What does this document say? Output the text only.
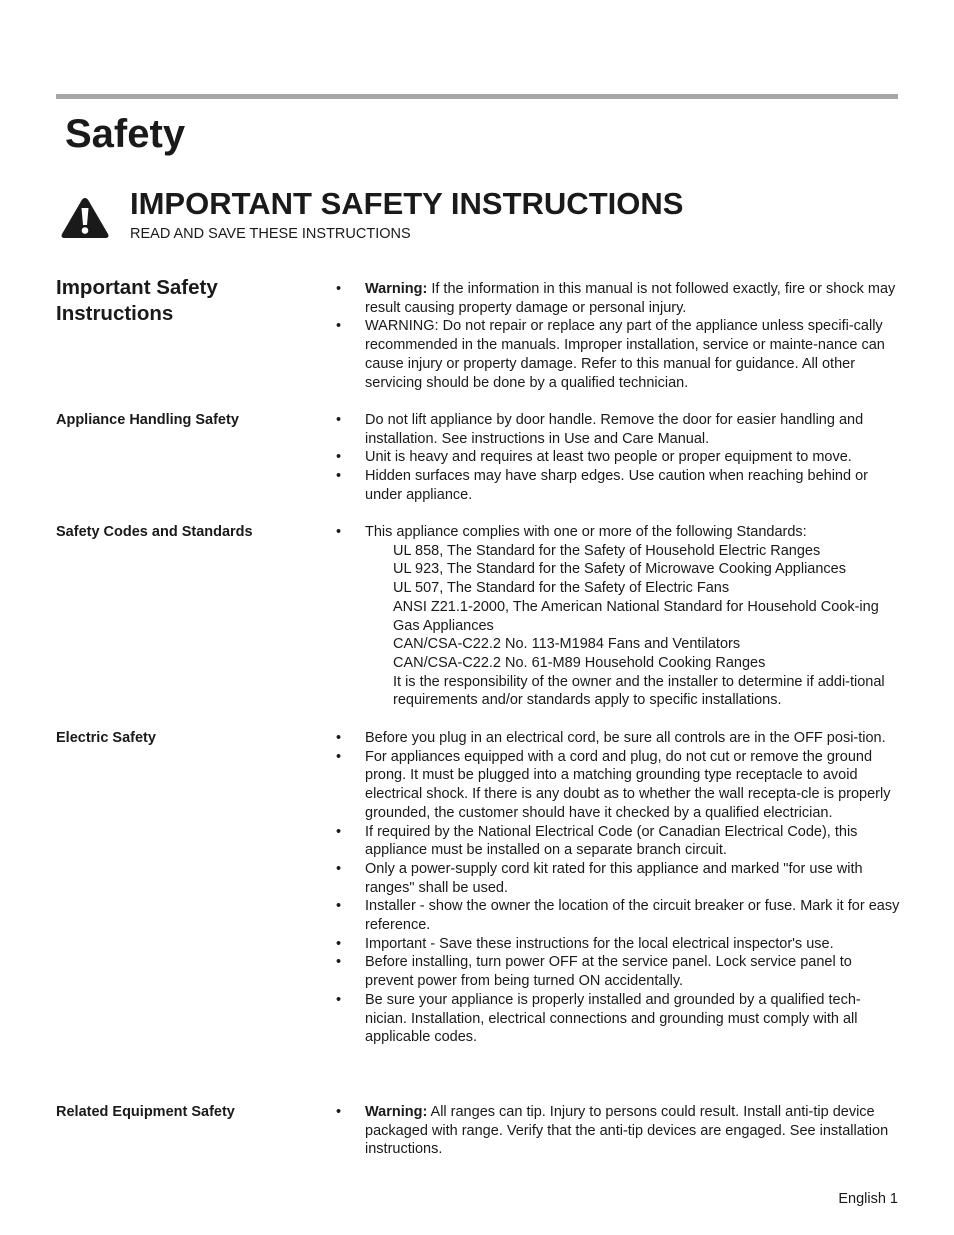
Safety
IMPORTANT SAFETY INSTRUCTIONS
READ AND SAVE THESE INSTRUCTIONS
Important Safety Instructions
• Warning: If the information in this manual is not followed exactly, fire or shock may result causing property damage or personal injury.
• WARNING: Do not repair or replace any part of the appliance unless specifi-cally recommended in the manuals. Improper installation, service or mainte-nance can cause injury or property damage. Refer to this manual for guidance. All other servicing should be done by a qualified technician.
Appliance Handling Safety	• Do not lift appliance by door handle. Remove the door for easier handling and installation. See instructions in Use and Care Manual.
• Unit is heavy and requires at least two people or proper equipment to move.
• Hidden surfaces may have sharp edges. Use caution when reaching behind or under appliance.
Safety Codes and Standards	• This appliance complies with one or more of the following Standards:
UL 858, The Standard for the Safety of Household Electric Ranges
UL 923, The Standard for the Safety of Microwave Cooking Appliances
UL 507, The Standard for the Safety of Electric Fans
ANSI Z21.1-2000, The American National Standard for Household Cook-ing Gas Appliances
CAN/CSA-C22.2 No. 113-M1984 Fans and Ventilators
CAN/CSA-C22.2 No. 61-M89 Household Cooking Ranges
It is the responsibility of the owner and the installer to determine if addi-tional requirements and/or standards apply to specific installations.
Electric Safety	• Before you plug in an electrical cord, be sure all controls are in the OFF posi-tion.
• For appliances equipped with a cord and plug, do not cut or remove the ground prong. It must be plugged into a matching grounding type receptacle to avoid electrical shock. If there is any doubt as to whether the wall recepta-cle is properly grounded, the customer should have it checked by a qualified electrician.
• If required by the National Electrical Code (or Canadian Electrical Code), this appliance must be installed on a separate branch circuit.
• Only a power-supply cord kit rated for this appliance and marked "for use with ranges" shall be used.
• Installer - show the owner the location of the circuit breaker or fuse. Mark it for easy reference.
• Important - Save these instructions for the local electrical inspector's use.
• Before installing, turn power OFF at the service panel. Lock service panel to prevent power from being turned ON accidentally.
• Be sure your appliance is properly installed and grounded by a qualified tech-nician. Installation, electrical connections and grounding must comply with all applicable codes.
Related Equipment Safety	• Warning: All ranges can tip. Injury to persons could result. Install anti-tip device packaged with range. Verify that the anti-tip devices are engaged. See installation instructions.
English 1
